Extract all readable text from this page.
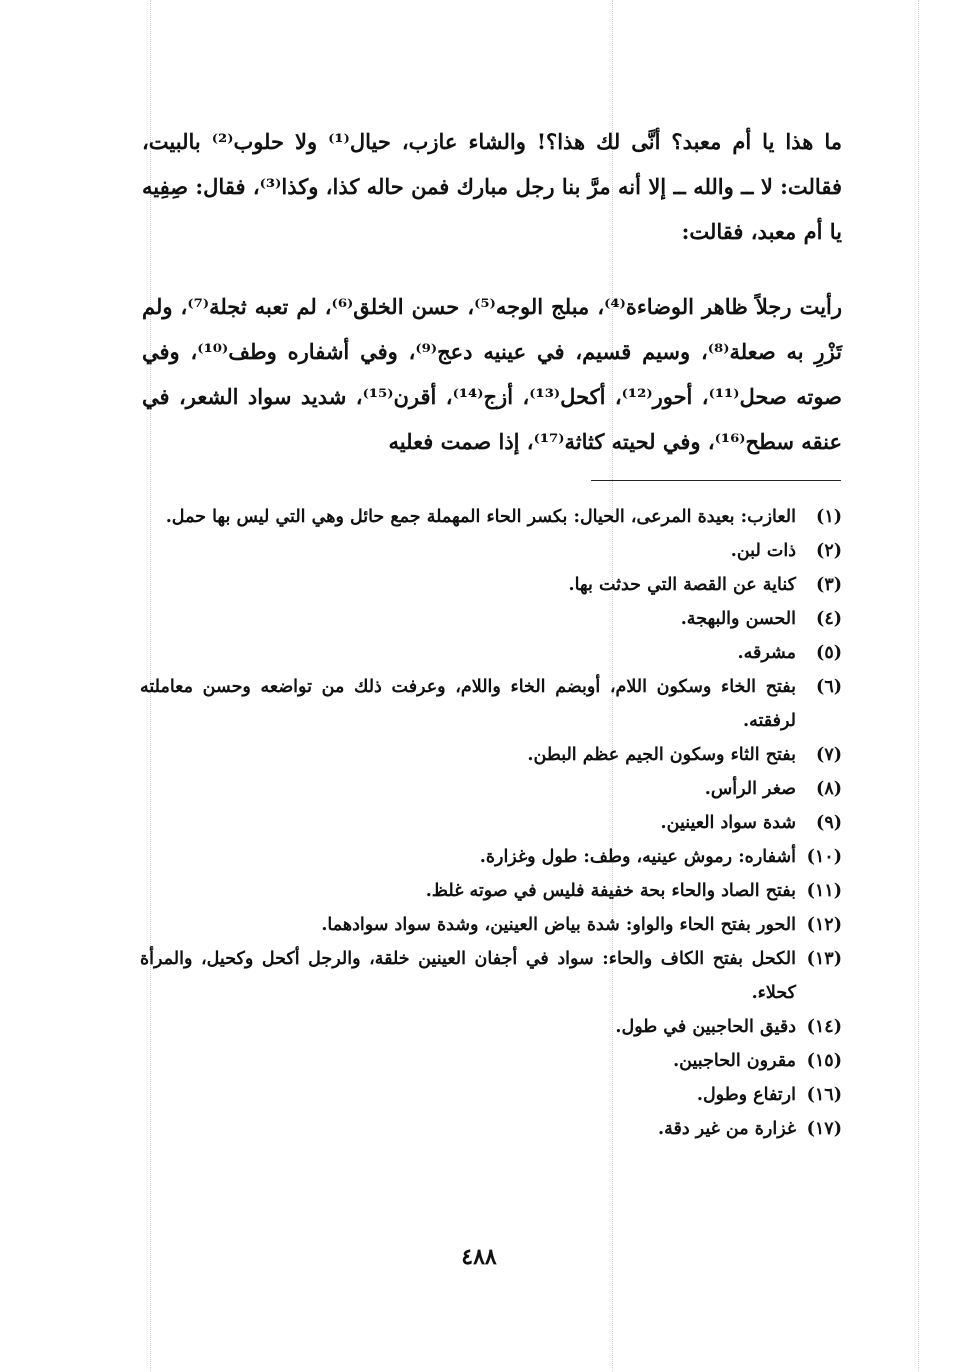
ما هذا يا أم معبد؟ أنَّى لك هذا؟! والشاء عازب، حيال⁽¹⁾ ولا حلوب⁽²⁾ بالبيت، فقالت: لا ــ والله ــ إلا أنه مرَّ بنا رجل مبارك فمن حاله كذا، وكذا⁽³⁾، فقال: صِفِيه يا أم معبد، فقالت:

رأيت رجلاً ظاهر الوضاءة⁽⁴⁾، مبلج الوجه⁽⁵⁾، حسن الخلق⁽⁶⁾، لم تعبه ثجلة⁽⁷⁾، ولم تَزْرِ به صعلة⁽⁸⁾، وسيم قسيم، في عينيه دعج⁽⁹⁾، وفي أشفاره وطف⁽¹⁰⁾، وفي صوته صحل⁽¹¹⁾، أحور⁽¹²⁾، أكحل⁽¹³⁾، أزج⁽¹⁴⁾، أقرن⁽¹⁵⁾، شديد سواد الشعر، في عنقه سطح⁽¹⁶⁾، وفي لحيته كثاثة⁽¹⁷⁾، إذا صمت فعليه

(١)
العازب: بعيدة المرعى، الحيال: بكسر الحاء المهملة جمع حائل وهي التي ليس بها حمل.
(٢)
ذات لبن.
(٣)
كناية عن القصة التي حدثت بها.
(٤)
الحسن والبهجة.
(٥)
مشرقه.
(٦)
بفتح الخاء وسكون اللام، أوبضم الخاء واللام، وعرفت ذلك من تواضعه وحسن معاملته لرفقته.
(٧)
بفتح الثاء وسكون الجيم عظم البطن.
(٨)
صغر الرأس.
(٩)
شدة سواد العينين.
(١٠)
أشفاره: رموش عينيه، وطف: طول وغزارة.
(١١)
بفتح الصاد والحاء بحة خفيفة فليس في صوته غلظ.
(١٢)
الحور بفتح الحاء والواو: شدة بياض العينين، وشدة سواد سوادهما.
(١٣)
الكحل بفتح الكاف والحاء: سواد في أجفان العينين خلقة، والرجل أكحل وكحيل، والمرأة كحلاء.
(١٤)
دقيق الحاجبين في طول.
(١٥)
مقرون الحاجبين.
(١٦)
ارتفاع وطول.
(١٧)
غزارة من غير دقة.
٤٨٨
